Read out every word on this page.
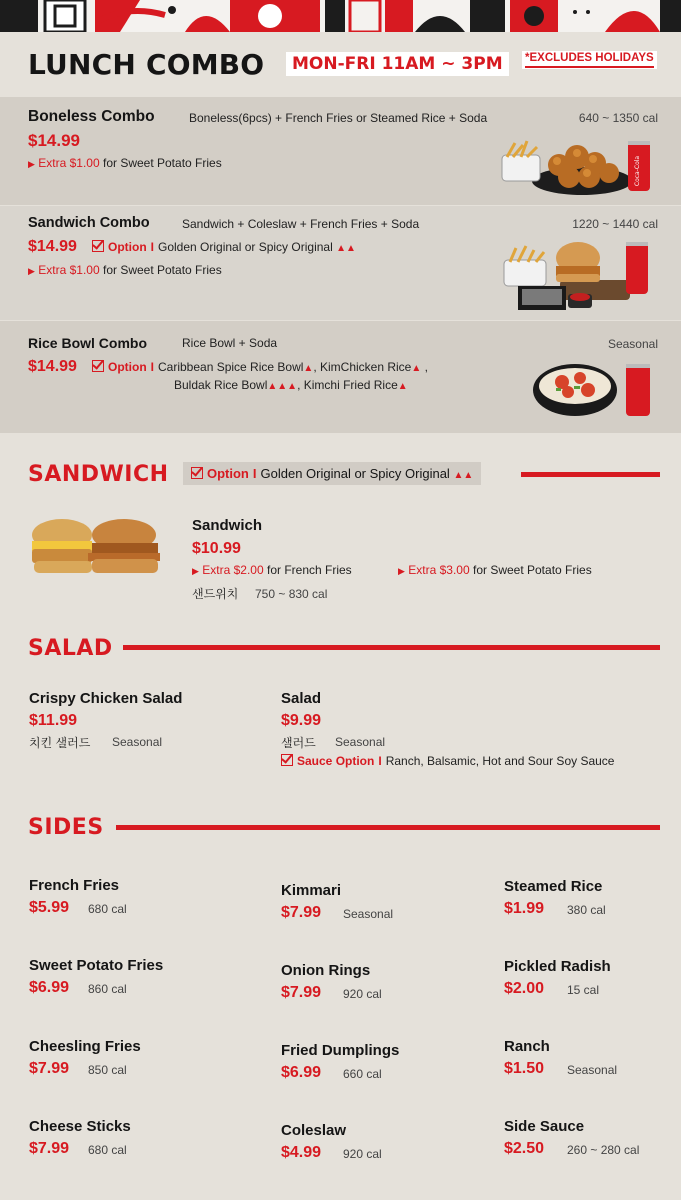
LUNCH COMBO	MON-FRI 11AM ~ 3PM	*EXCLUDES HOLIDAYS
Boneless Combo	Boneless(6pcs) + French Fries or Steamed Rice + Soda	640 ~ 1350 cal
$14.99
▶ Extra $1.00 for Sweet Potato Fries	Coca-Cola
Sandwich Combo	Sandwich + Coleslaw + French Fries + Soda	1220 ~ 1440 cal
$14.99	Option I Golden Original or Spicy Original ▲▲
▶ Extra $1.00 for Sweet Potato Fries
Rice Bowl Combo	Rice Bowl + Soda	Seasonal
$14.99	Option I Caribbean Spice Rice Bowl▲, KimChicken Rice▲ ,
Buldak Rice Bowl▲▲▲, Kimchi Fried Rice▲
SANDWICH	Option I Golden Original or Spicy Original ▲▲
Sandwich
$10.99
▶ Extra $2.00 for French Fries	▶ Extra $3.00 for Sweet Potato Fries
샌드위치 750 ~ 830 cal
SALAD
Crispy Chicken Salad
$11.99
치킨 샐러드 Seasonal
Salad
$9.99
샐러드 Seasonal
Sauce Option I Ranch, Balsamic, Hot and Sour Soy Sauce
SIDES
French Fries
$5.99 680 cal
Kimmari
$7.99 Seasonal
Steamed Rice
$1.99 380 cal
Sweet Potato Fries
$6.99 860 cal
Onion Rings
$7.99 920 cal
Pickled Radish
$2.00 15 cal
Cheesling Fries
$7.99 850 cal
Fried Dumplings
$6.99 660 cal
Ranch
$1.50 Seasonal
Cheese Sticks
$7.99 680 cal
Coleslaw
$4.99 920 cal
Side Sauce
$2.50 260 ~ 280 cal
